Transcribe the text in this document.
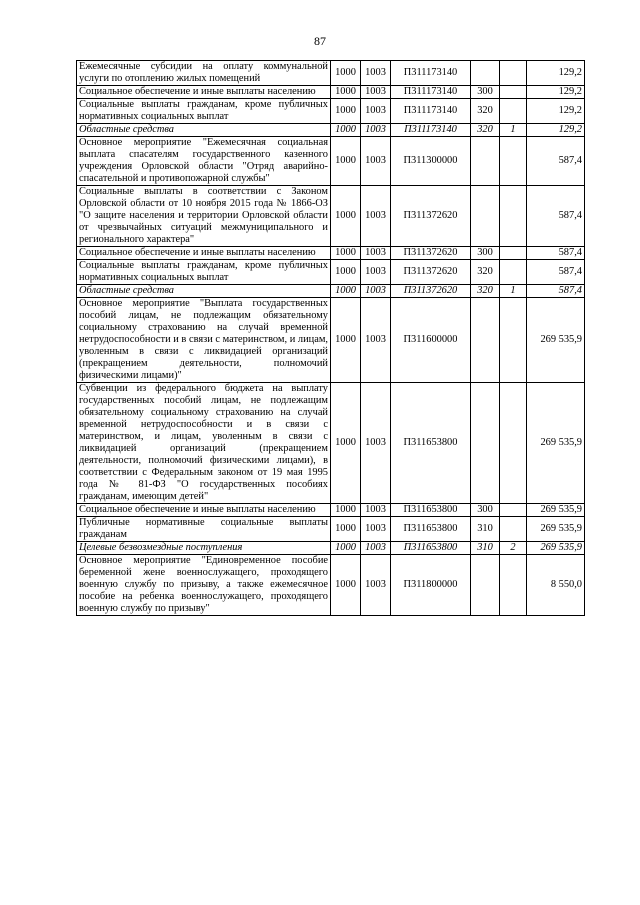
87
Ежемесячные субсидии на оплату коммунальной услуги по отоплению жилых помещений	1000	1003	П311173140			129,2
Социальное обеспечение и иные выплаты населению	1000	1003	П311173140	300		129,2
Социальные выплаты гражданам, кроме публичных нормативных социальных выплат	1000	1003	П311173140	320		129,2
Областные средства	1000	1003	П311173140	320	1	129,2
Основное мероприятие "Ежемесячная социальная выплата спасателям государственного казенного учреждения Орловской области "Отряд аварийно-спасательной и противопожарной службы"	1000	1003	П311300000			587,4
Социальные выплаты в соответствии с Законом Орловской области от 10 ноября 2015 года № 1866-ОЗ "О защите населения и территории Орловской области от чрезвычайных ситуаций межмуниципального и регионального характера"	1000	1003	П311372620			587,4
Социальное обеспечение и иные выплаты населению	1000	1003	П311372620	300		587,4
Социальные выплаты гражданам, кроме публичных нормативных социальных выплат	1000	1003	П311372620	320		587,4
Областные средства	1000	1003	П311372620	320	1	587,4
Основное мероприятие "Выплата государственных пособий лицам, не подлежащим обязательному социальному страхованию на случай временной нетрудоспособности и в связи с материнством, и лицам, уволенным в связи с ликвидацией организаций (прекращением деятельности, полномочий физическими лицами)"	1000	1003	П311600000			269 535,9
Субвенции из федерального бюджета на выплату государственных пособий лицам, не подлежащим обязательному социальному страхованию на случай временной нетрудоспособности и в связи с материнством, и лицам, уволенным в связи с ликвидацией организаций (прекращением деятельности, полномочий физическими лицами), в соответствии с Федеральным законом от 19 мая 1995 года № 81-ФЗ "О государственных пособиях гражданам, имеющим детей"	1000	1003	П311653800			269 535,9
Социальное обеспечение и иные выплаты населению	1000	1003	П311653800	300		269 535,9
Публичные нормативные социальные выплаты гражданам	1000	1003	П311653800	310		269 535,9
Целевые безвозмездные поступления	1000	1003	П311653800	310	2	269 535,9
Основное мероприятие "Единовременное пособие беременной жене военнослужащего, проходящего военную службу по призыву, а также ежемесячное пособие на ребенка военнослужащего, проходящего военную службу по призыву"	1000	1003	П311800000			8 550,0
